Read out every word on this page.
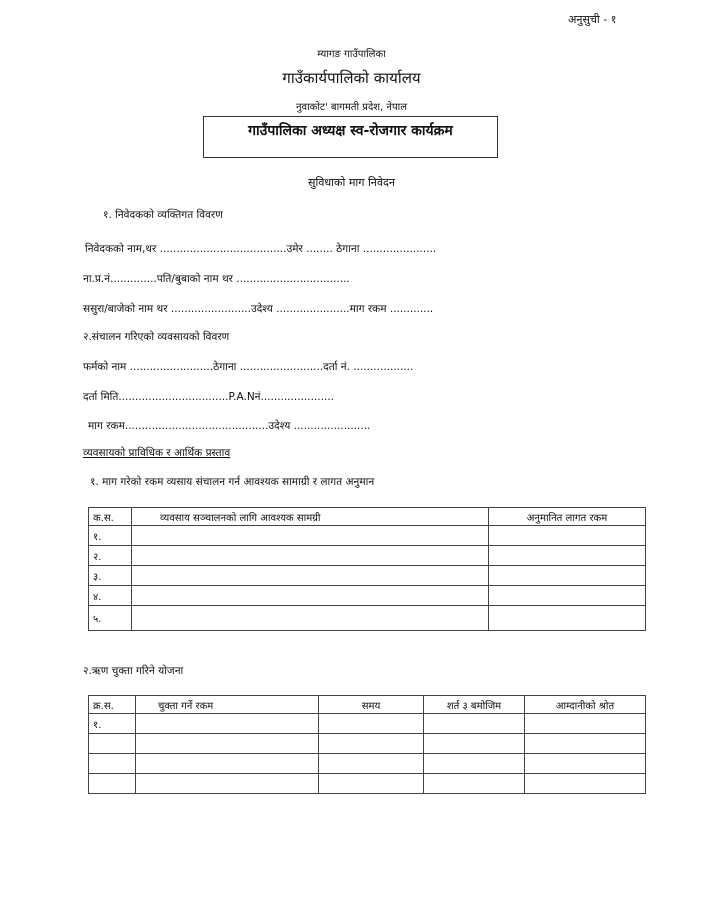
अनुसुची - १
म्यागङ गाउँपालिका
गाउँकार्यपालिको कार्यालय
नुवाकोट' बागमती प्रदेश, नेपाल
गाउँपालिका अध्यक्ष स्व-रोजगार कार्यक्रम
सुविधाको माग निवेदन
१. निवेदकको व्यक्तिगत विवरण
निवेदकको नाम,थर ......................................उमेर ........ ठेगाना ......................
ना.प्र.नं..............पति/बुबाको नाम थर ..................................
ससुरा/बाजेको नाम थर ........................उदेश्य ......................माग रकम .............
२.संचालन गरिएको व्यवसायको विवरण
फर्मको नाम .........................ठेगाना .........................दर्ता नं. ..................
दर्ता मिति.................................P.A.Nनं......................
माग रकम...........................................उदेश्य .......................
व्यवसायको प्राविधिक र आर्थिक प्रस्ताव
१. माग गरेको रकम व्यसाय संचालन गर्न आवश्यक सामाग्री र लागत अनुमान
क.स.	व्यवसाय सञ्चालनको लागि आवश्यक सामग्री	अनुमानित लागत रकम
१.		
२.		
३.		
४.		
५.		
२.ऋण चुक्ता गरिने योजना
क्र.स.	चुक्ता गर्ने रकम	समय	शर्त ३ बमोजिम	आम्दानीको श्रोत
१.				
